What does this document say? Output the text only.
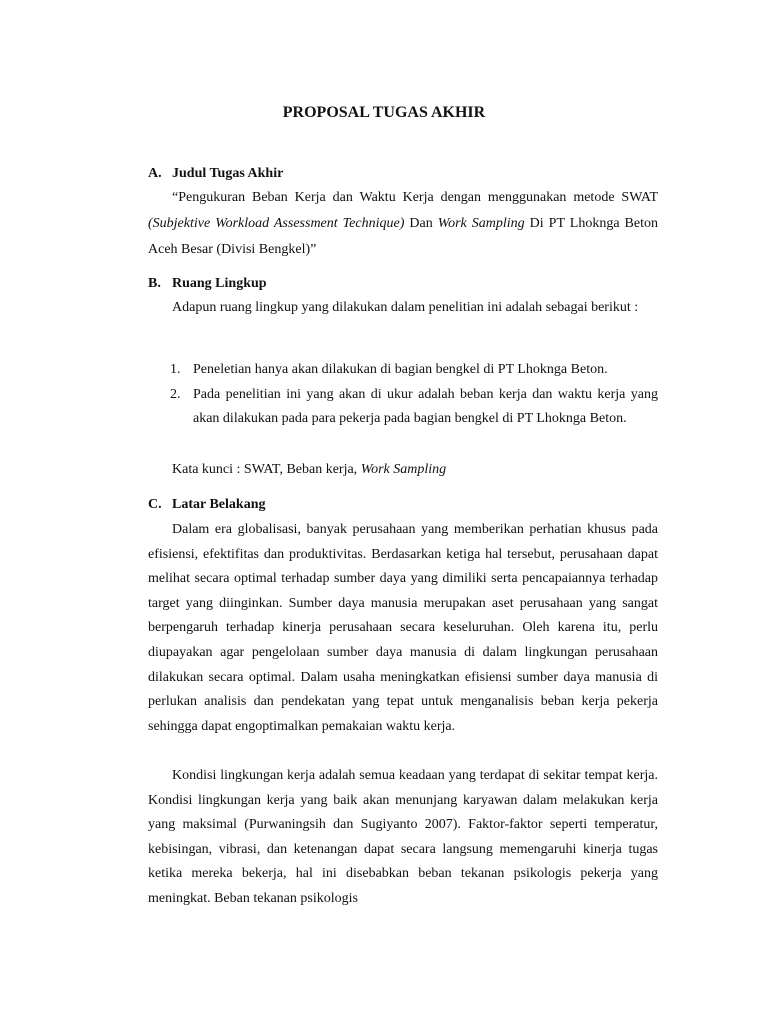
PROPOSAL TUGAS AKHIR
A. Judul Tugas Akhir
“Pengukuran Beban Kerja dan Waktu Kerja dengan menggunakan metode SWAT (Subjektive Workload Assessment Technique) Dan Work Sampling Di PT Lhoknga Beton Aceh Besar (Divisi Bengkel)”
B. Ruang Lingkup
Adapun ruang lingkup yang dilakukan dalam penelitian ini adalah sebagai berikut :
1. Peneletian hanya akan dilakukan di bagian bengkel di PT Lhoknga Beton.
2. Pada penelitian ini yang akan di ukur adalah beban kerja dan waktu kerja yang akan dilakukan pada para pekerja pada bagian bengkel di PT Lhoknga Beton.
Kata kunci : SWAT, Beban kerja, Work Sampling
C. Latar Belakang
Dalam era globalisasi, banyak perusahaan yang memberikan perhatian khusus pada efisiensi, efektifitas dan produktivitas. Berdasarkan ketiga hal tersebut, perusahaan dapat melihat secara optimal terhadap sumber daya yang dimiliki serta pencapaiannya terhadap target yang diinginkan. Sumber daya manusia merupakan aset perusahaan yang sangat berpengaruh terhadap kinerja perusahaan secara keseluruhan. Oleh karena itu, perlu diupayakan agar pengelolaan sumber daya manusia di dalam lingkungan perusahaan dilakukan secara optimal. Dalam usaha meningkatkan efisiensi sumber daya manusia di perlukan analisis dan pendekatan yang tepat untuk menganalisis beban kerja pekerja sehingga dapat engoptimalkan pemakaian waktu kerja.
Kondisi lingkungan kerja adalah semua keadaan yang terdapat di sekitar tempat kerja. Kondisi lingkungan kerja yang baik akan menunjang karyawan dalam melakukan kerja yang maksimal (Purwaningsih dan Sugiyanto 2007). Faktor-faktor seperti temperatur, kebisingan, vibrasi, dan ketenangan dapat secara langsung memengaruhi kinerja tugas ketika mereka bekerja, hal ini disebabkan beban tekanan psikologis pekerja yang meningkat. Beban tekanan psikologis
